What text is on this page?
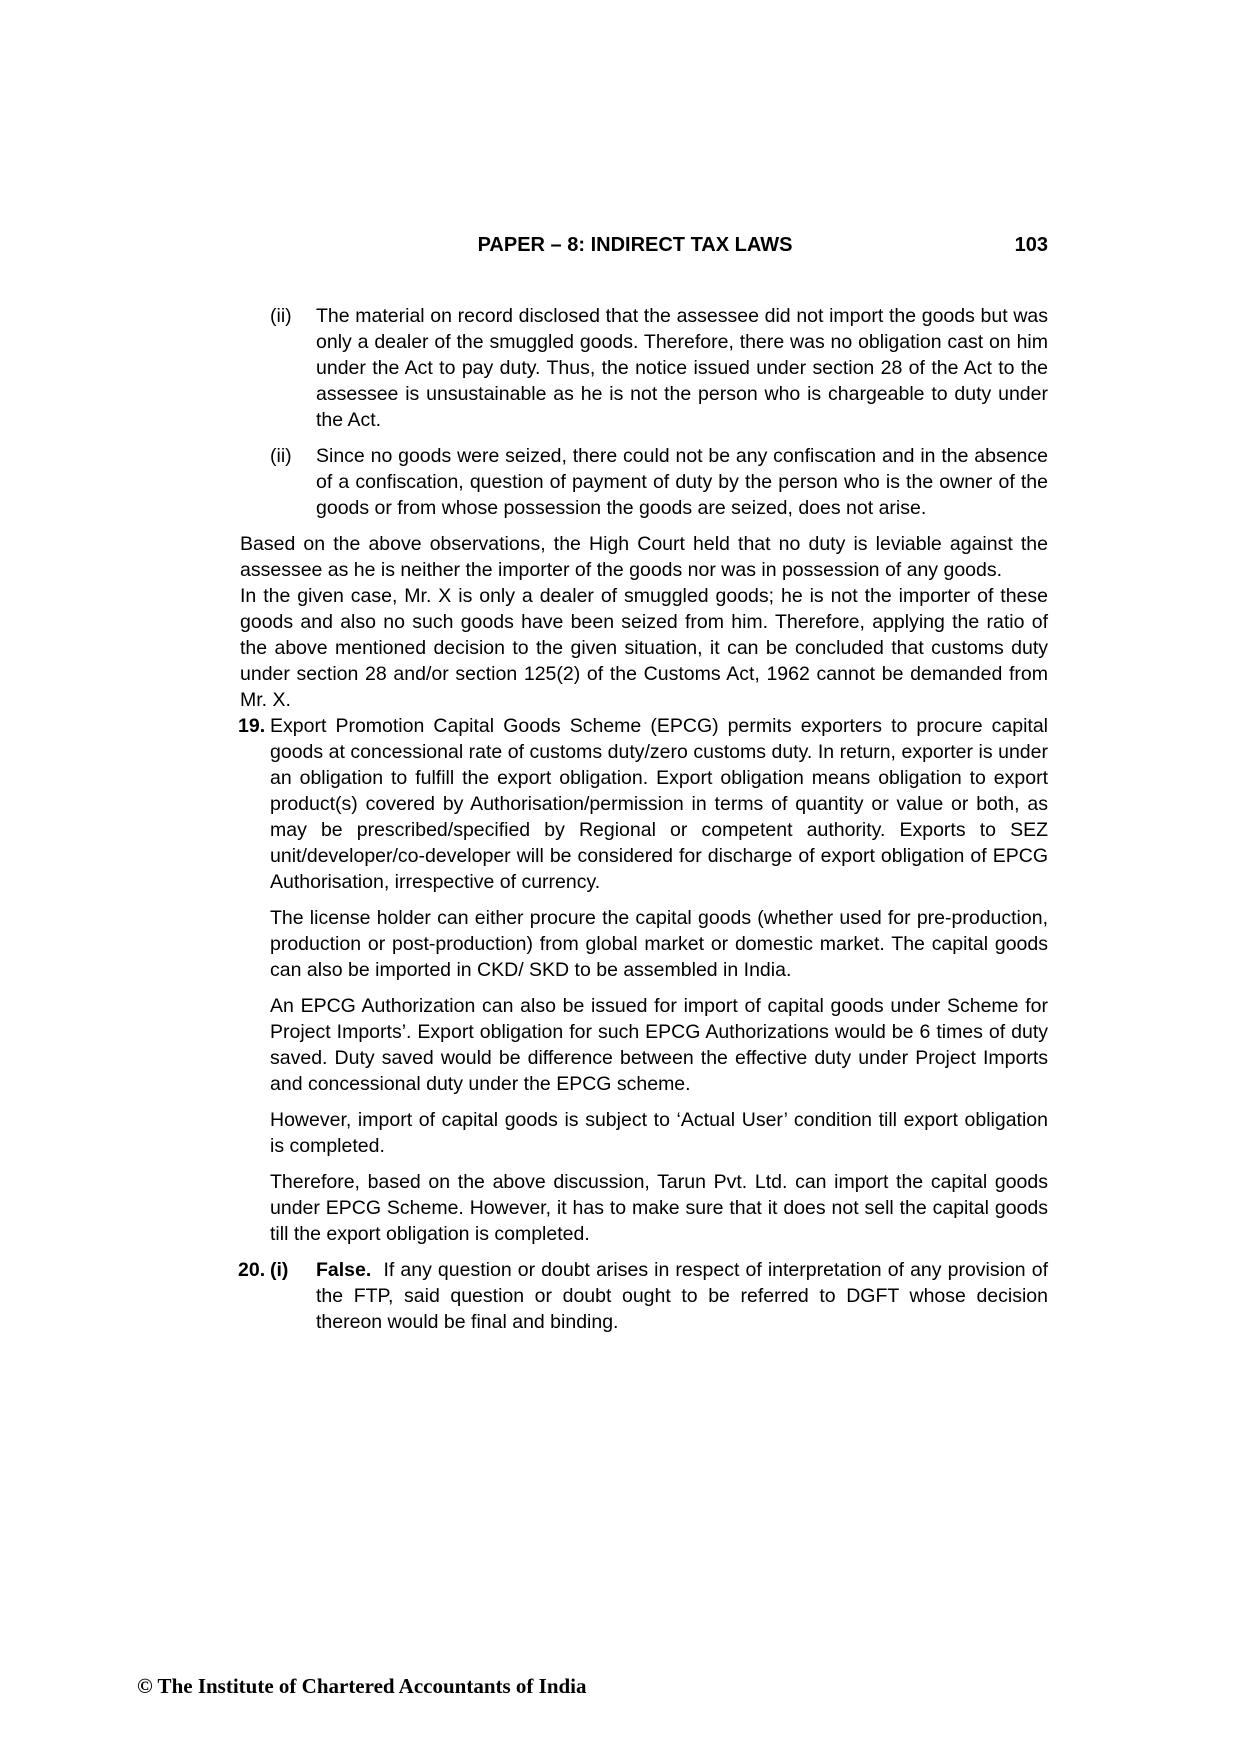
PAPER – 8: INDIRECT TAX LAWS	103
(ii) The material on record disclosed that the assessee did not import the goods but was only a dealer of the smuggled goods. Therefore, there was no obligation cast on him under the Act to pay duty. Thus, the notice issued under section 28 of the Act to the assessee is unsustainable as he is not the person who is chargeable to duty under the Act.

(ii) Since no goods were seized, there could not be any confiscation and in the absence of a confiscation, question of payment of duty by the person who is the owner of the goods or from whose possession the goods are seized, does not arise.

Based on the above observations, the High Court held that no duty is leviable against the assessee as he is neither the importer of the goods nor was in possession of any goods.

In the given case, Mr. X is only a dealer of smuggled goods; he is not the importer of these goods and also no such goods have been seized from him. Therefore, applying the ratio of the above mentioned decision to the given situation, it can be concluded that customs duty under section 28 and/or section 125(2) of the Customs Act, 1962 cannot be demanded from Mr. X.

19. Export Promotion Capital Goods Scheme (EPCG) permits exporters to procure capital goods at concessional rate of customs duty/zero customs duty. In return, exporter is under an obligation to fulfill the export obligation. Export obligation means obligation to export product(s) covered by Authorisation/permission in terms of quantity or value or both, as may be prescribed/specified by Regional or competent authority. Exports to SEZ unit/developer/co-developer will be considered for discharge of export obligation of EPCG Authorisation, irrespective of currency.

The license holder can either procure the capital goods (whether used for pre-production, production or post-production) from global market or domestic market. The capital goods can also be imported in CKD/ SKD to be assembled in India.

An EPCG Authorization can also be issued for import of capital goods under Scheme for Project Imports’. Export obligation for such EPCG Authorizations would be 6 times of duty saved. Duty saved would be difference between the effective duty under Project Imports and concessional duty under the EPCG scheme.

However, import of capital goods is subject to ‘Actual User’ condition till export obligation is completed.

Therefore, based on the above discussion, Tarun Pvt. Ltd. can import the capital goods under EPCG Scheme. However, it has to make sure that it does not sell the capital goods till the export obligation is completed.

20. (i) False. If any question or doubt arises in respect of interpretation of any provision of the FTP, said question or doubt ought to be referred to DGFT whose decision thereon would be final and binding.

© The Institute of Chartered Accountants of India
